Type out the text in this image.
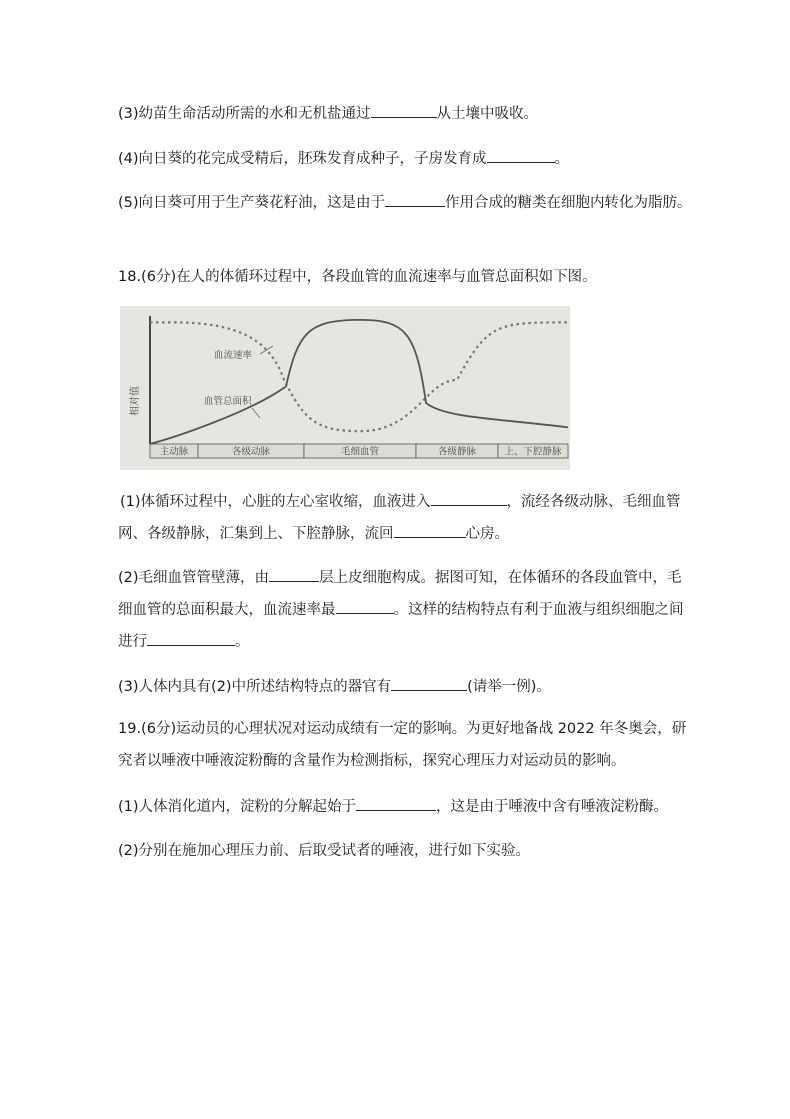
(3)幼苗生命活动所需的水和无机盐通过	从土壤中吸收。
(4)向日葵的花完成受精后，胚珠发育成种子，子房发育成	。
(5)向日葵可用于生产葵花籽油，这是由于	作用合成的糖类在细胞内转化为脂肪。
18.(6分)在人的体循环过程中，各段血管的血流速率与血管总面积如下图。
相对值
主动脉	各级动脉	毛细血管	各级静脉	上、下腔静脉
血流速率
血管总面积
(1)体循环过程中，心脏的左心室收缩，血液进入	，流经各级动脉、毛细血管
网、各级静脉，汇集到上、下腔静脉，流回	心房。
(2)毛细血管管壁薄，由	层上皮细胞构成。据图可知，在体循环的各段血管中，毛
细血管的总面积最大，血流速率最	。这样的结构特点有利于血液与组织细胞之间
进行	。
(3)人体内具有(2)中所述结构特点的器官有	(请举一例)。
19.(6分)运动员的心理状况对运动成绩有一定的影响。为更好地备战 2022 年冬奥会，研
究者以唾液中唾液淀粉酶的含量作为检测指标，探究心理压力对运动员的影响。
(1)人体消化道内，淀粉的分解起始于	，这是由于唾液中含有唾液淀粉酶。
(2)分别在施加心理压力前、后取受试者的唾液，进行如下实验。
